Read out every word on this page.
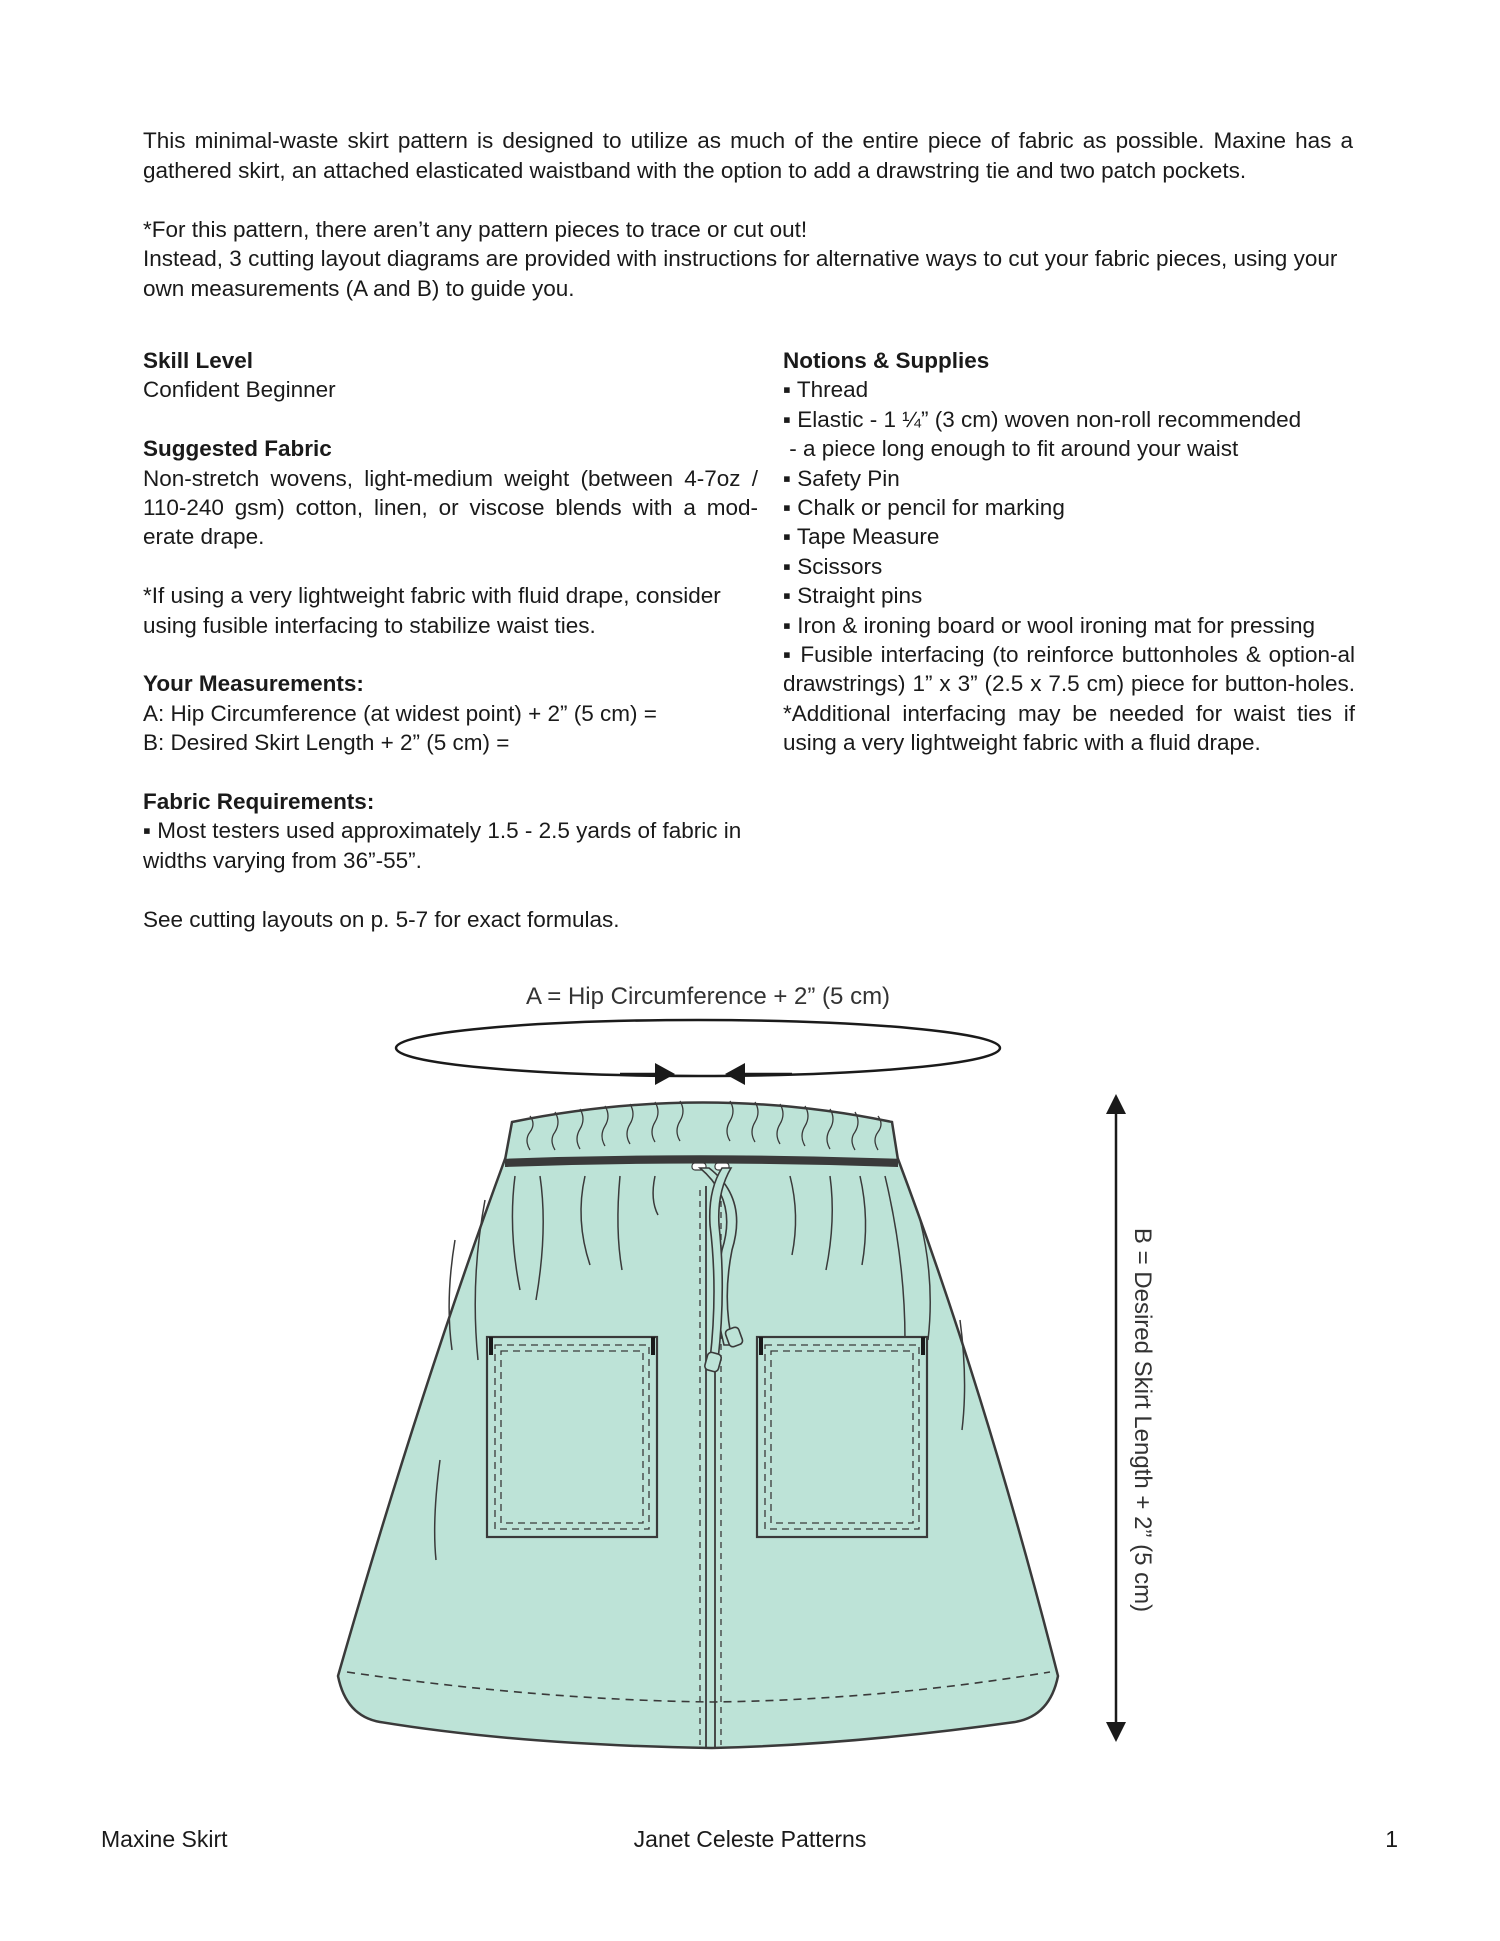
This minimal-waste skirt pattern is designed to utilize as much of the entire piece of fabric as possible. Maxine has a gathered skirt, an attached elasticated waistband with the option to add a drawstring tie and two patch pockets.

*For this pattern, there aren’t any pattern pieces to trace or cut out!

Instead, 3 cutting layout diagrams are provided with instructions for alternative ways to cut your fabric pieces, using your own measurements (A and B) to guide you.

Skill Level

Confident Beginner

Suggested Fabric

Non-stretch wovens, light-medium weight (between 4-7oz / 110-240 gsm) cotton, linen, or viscose blends with a mod-erate drape.

*If using a very lightweight fabric with fluid drape, consider using fusible interfacing to stabilize waist ties.

Your Measurements:

A: Hip Circumference (at widest point) + 2” (5 cm) =

B: Desired Skirt Length + 2” (5 cm) =

Fabric Requirements:

▪ Most testers used approximately 1.5 - 2.5 yards of fabric in widths varying from 36”-55”.

See cutting layouts on p. 5-7 for exact formulas.

Notions & Supplies
▪ Thread
▪ Elastic - 1 ¼” (3 cm) woven non-roll recommended
- a piece long enough to fit around your waist
▪ Safety Pin
▪ Chalk or pencil for marking
▪ Tape Measure
▪ Scissors
▪ Straight pins
▪ Iron & ironing board or wool ironing mat for pressing
▪ Fusible interfacing (to reinforce buttonholes & option-al drawstrings) 1” x 3” (2.5 x 7.5 cm) piece for button-holes. *Additional interfacing may be needed for waist ties if using a very lightweight fabric with a fluid drape.
A = Hip Circumference + 2” (5 cm)
B = Desired Skirt Length + 2” (5 cm)
Maxine Skirt	Janet Celeste Patterns	1
